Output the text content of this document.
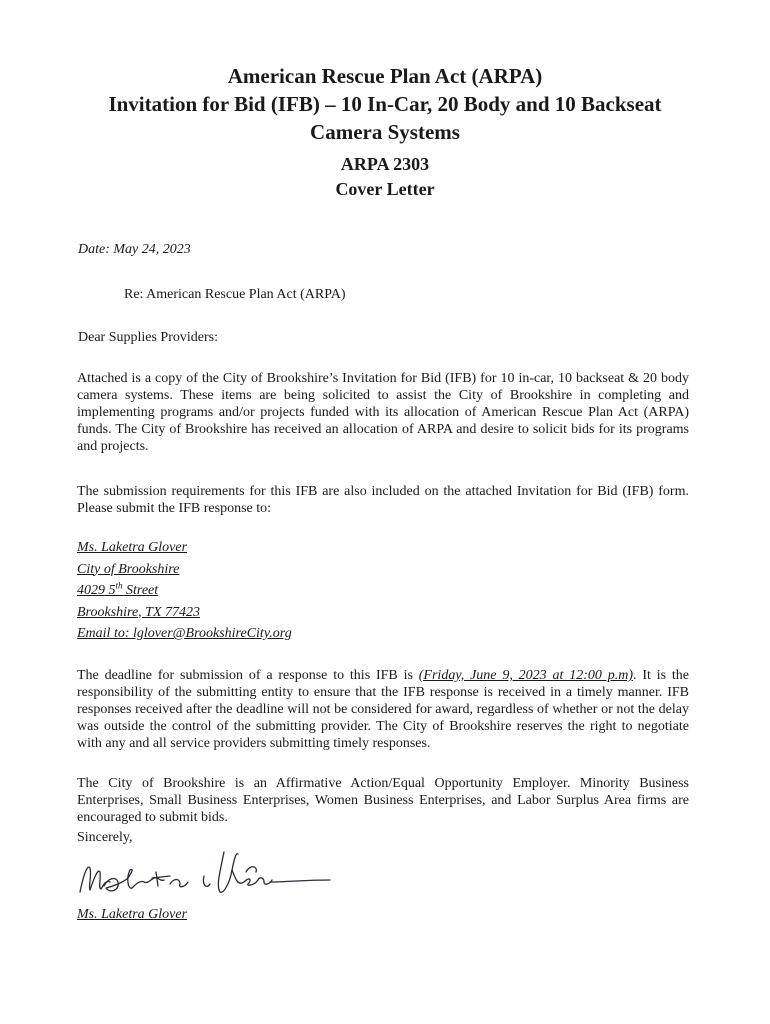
American Rescue Plan Act (ARPA)
Invitation for Bid (IFB) – 10 In-Car, 20 Body and 10 Backseat
Camera Systems
ARPA 2303
Cover Letter
Date: May 24, 2023
Re: American Rescue Plan Act (ARPA)
Dear Supplies Providers:
Attached is a copy of the City of Brookshire’s Invitation for Bid (IFB) for 10 in-car, 10 backseat & 20 body camera systems. These items are being solicited to assist the City of Brookshire in completing and implementing programs and/or projects funded with its allocation of American Rescue Plan Act (ARPA) funds. The City of Brookshire has received an allocation of ARPA and desire to solicit bids for its programs and projects.
The submission requirements for this IFB are also included on the attached Invitation for Bid (IFB) form. Please submit the IFB response to:
Ms. Laketra Glover
City of Brookshire
4029 5th Street
Brookshire, TX 77423
Email to: lglover@BrookshireCity.org
The deadline for submission of a response to this IFB is (Friday, June 9, 2023 at 12:00 p.m). It is the responsibility of the submitting entity to ensure that the IFB response is received in a timely manner. IFB responses received after the deadline will not be considered for award, regardless of whether or not the delay was outside the control of the submitting provider. The City of Brookshire reserves the right to negotiate with any and all service providers submitting timely responses.
The City of Brookshire is an Affirmative Action/Equal Opportunity Employer. Minority Business Enterprises, Small Business Enterprises, Women Business Enterprises, and Labor Surplus Area firms are encouraged to submit bids.
Sincerely,
Ms. Laketra Glover
